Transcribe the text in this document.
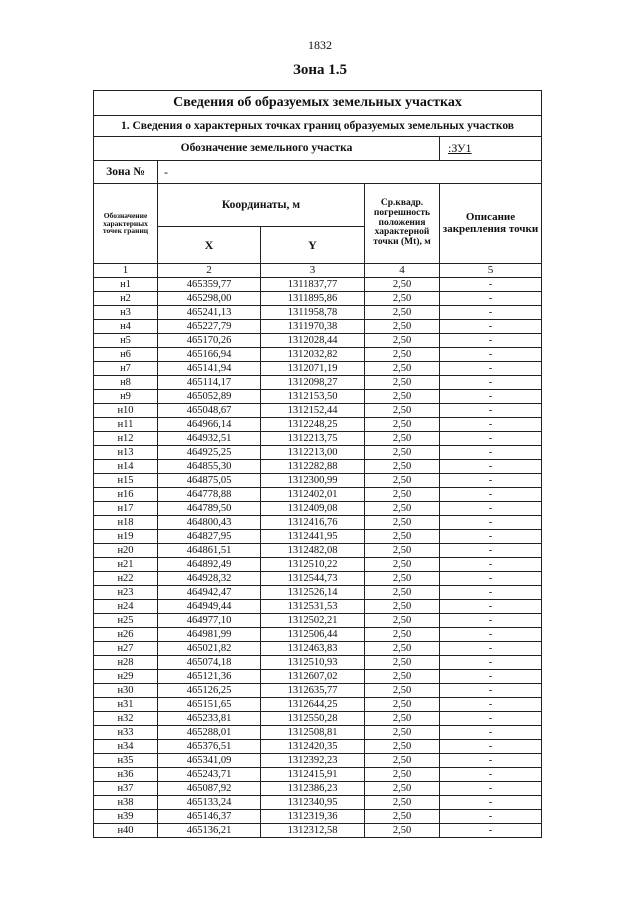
1832
Зона 1.5
Сведения об образуемых земельных участках				
1. Сведения о характерных точках границ образуемых земельных участков				
Обозначение земельного участка				:ЗУ1
Зона №	-			
Обозначение характерных точек границ	Координаты, м		Ср.квадр. погрешность положения характерной точки (Mt), м	Описание закрепления точки
	X	Y		
1	2	3	4	5
н1	465359,77	1311837,77	2,50	-
н2	465298,00	1311895,86	2,50	-
н3	465241,13	1311958,78	2,50	-
н4	465227,79	1311970,38	2,50	-
н5	465170,26	1312028,44	2,50	-
н6	465166,94	1312032,82	2,50	-
н7	465141,94	1312071,19	2,50	-
н8	465114,17	1312098,27	2,50	-
н9	465052,89	1312153,50	2,50	-
н10	465048,67	1312152,44	2,50	-
н11	464966,14	1312248,25	2,50	-
н12	464932,51	1312213,75	2,50	-
н13	464925,25	1312213,00	2,50	-
н14	464855,30	1312282,88	2,50	-
н15	464875,05	1312300,99	2,50	-
н16	464778,88	1312402,01	2,50	-
н17	464789,50	1312409,08	2,50	-
н18	464800,43	1312416,76	2,50	-
н19	464827,95	1312441,95	2,50	-
н20	464861,51	1312482,08	2,50	-
н21	464892,49	1312510,22	2,50	-
н22	464928,32	1312544,73	2,50	-
н23	464942,47	1312526,14	2,50	-
н24	464949,44	1312531,53	2,50	-
н25	464977,10	1312502,21	2,50	-
н26	464981,99	1312506,44	2,50	-
н27	465021,82	1312463,83	2,50	-
н28	465074,18	1312510,93	2,50	-
н29	465121,36	1312607,02	2,50	-
н30	465126,25	1312635,77	2,50	-
н31	465151,65	1312644,25	2,50	-
н32	465233,81	1312550,28	2,50	-
н33	465288,01	1312508,81	2,50	-
н34	465376,51	1312420,35	2,50	-
н35	465341,09	1312392,23	2,50	-
н36	465243,71	1312415,91	2,50	-
н37	465087,92	1312386,23	2,50	-
н38	465133,24	1312340,95	2,50	-
н39	465146,37	1312319,36	2,50	-
н40	465136,21	1312312,58	2,50	-
